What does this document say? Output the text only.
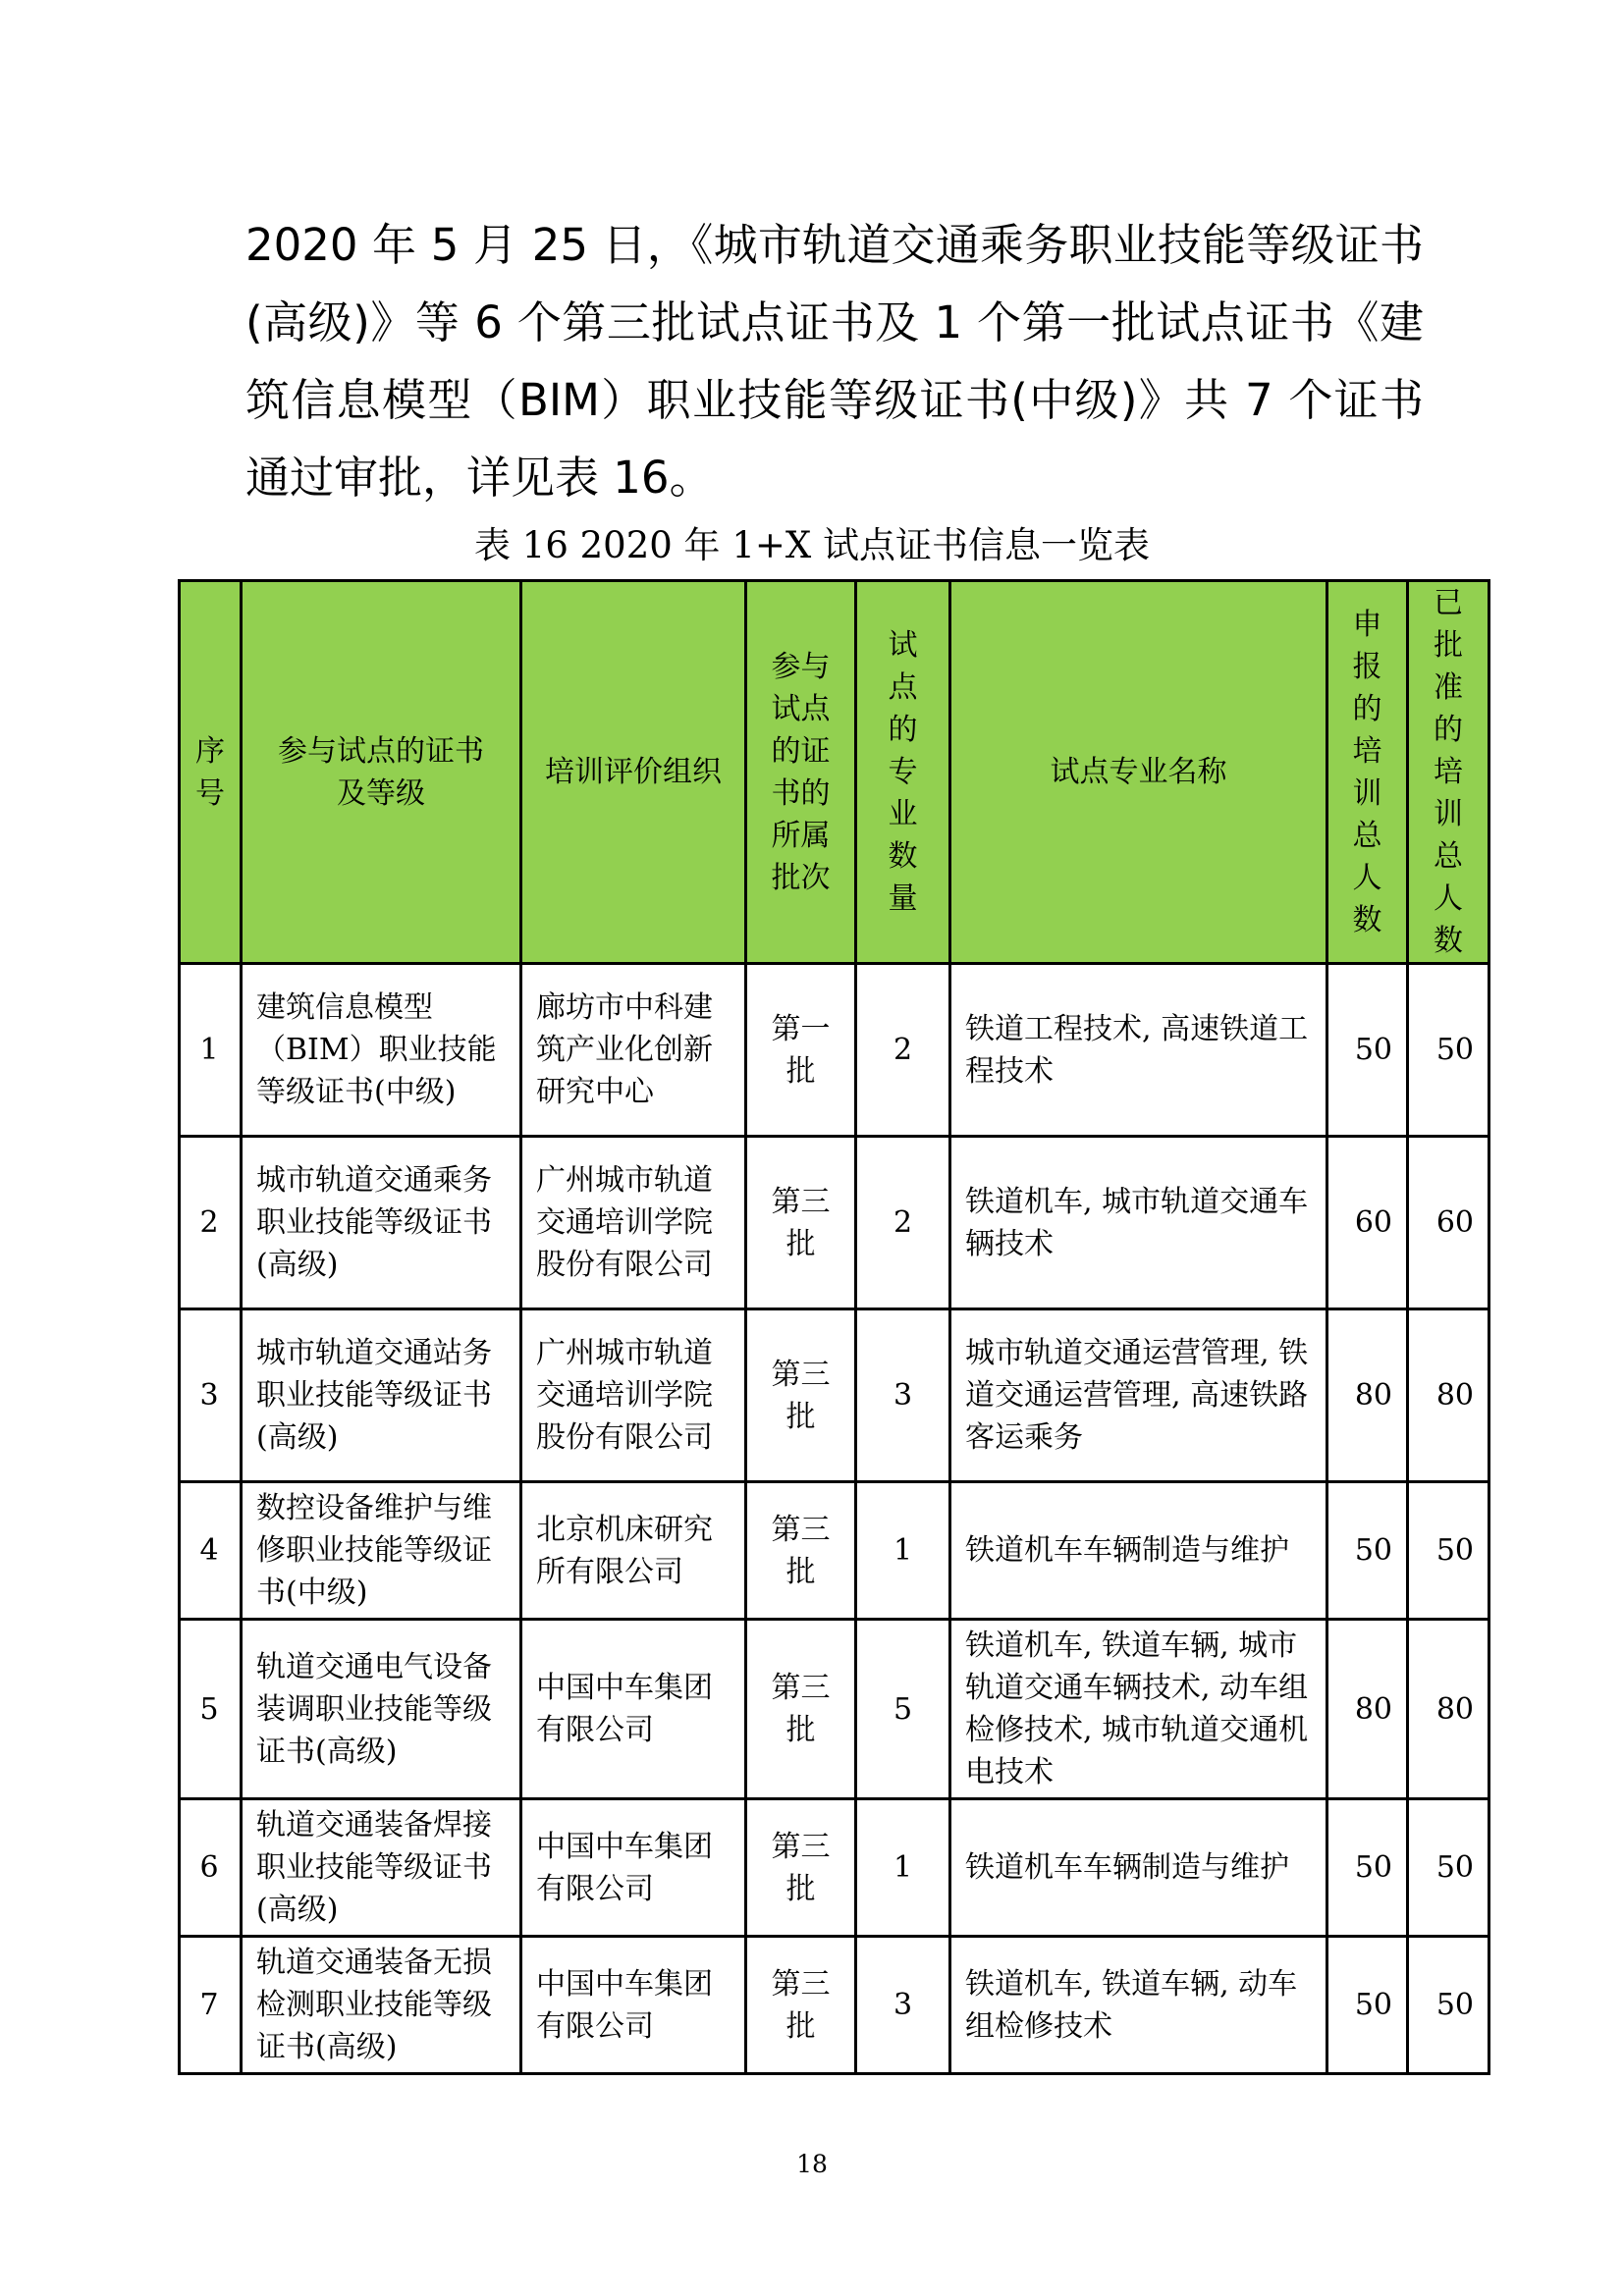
2020 年 5 月 25 日，《城市轨道交通乘务职业技能等级证书(高级)》等 6 个第三批试点证书及 1 个第一批试点证书《建筑信息模型（BIM）职业技能等级证书(中级)》共 7 个证书通过审批，详见表 16。

表 16 2020 年 1+X 试点证书信息一览表

序号	参与试点的证书及等级	培训评价组织	参与试点的证书的所属批次	试点的专业数量	试点专业名称	申报的培训总人数	已批准的培训总人数

1	建筑信息模型（BIM）职业技能等级证书(中级)	廊坊市中科建筑产业化创新研究中心	第一批	2	铁道工程技术, 高速铁道工程技术	50	50

2	城市轨道交通乘务职业技能等级证书(高级)	广州城市轨道交通培训学院股份有限公司	第三批	2	铁道机车, 城市轨道交通车辆技术	60	60

3	城市轨道交通站务职业技能等级证书(高级)	广州城市轨道交通培训学院股份有限公司	第三批	3	城市轨道交通运营管理, 铁道交通运营管理, 高速铁路客运乘务	80	80

4	数控设备维护与维修职业技能等级证书(中级)	北京机床研究所有限公司	第三批	1	铁道机车车辆制造与维护	50	50

5	轨道交通电气设备装调职业技能等级证书(高级)	中国中车集团有限公司	第三批	5	铁道机车, 铁道车辆, 城市轨道交通车辆技术, 动车组检修技术, 城市轨道交通机电技术	80	80

6	轨道交通装备焊接职业技能等级证书(高级)	中国中车集团有限公司	第三批	1	铁道机车车辆制造与维护	50	50

7	轨道交通装备无损检测职业技能等级证书(高级)	中国中车集团有限公司	第三批	3	铁道机车, 铁道车辆, 动车组检修技术	50	50
18
